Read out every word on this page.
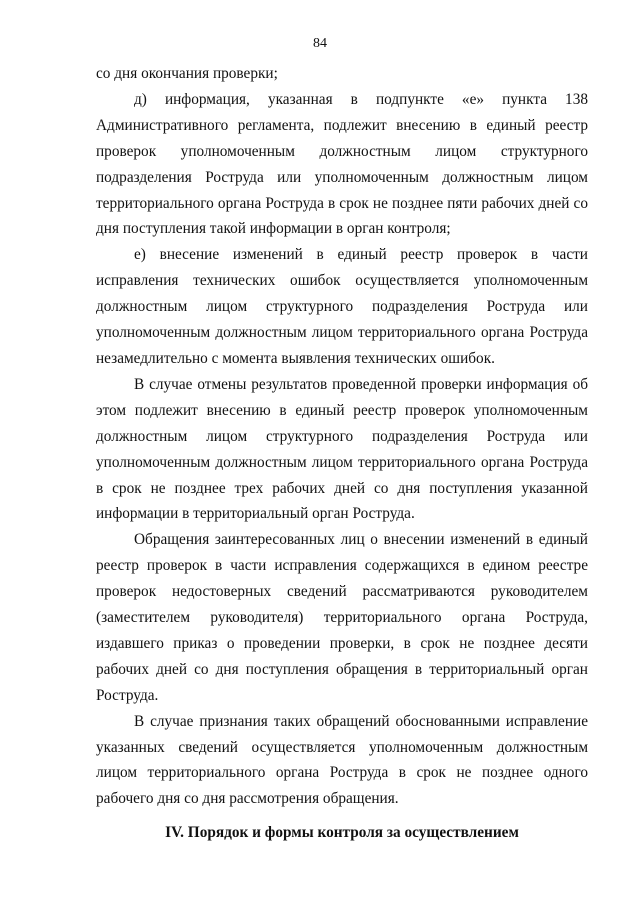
84

со дня окончания проверки;

д) информация, указанная в подпункте «е» пункта 138 Административного регламента, подлежит внесению в единый реестр проверок уполномоченным должностным лицом структурного подразделения Роструда или уполномоченным должностным лицом территориального органа Роструда в срок не позднее пяти рабочих дней со дня поступления такой информации в орган контроля;

е) внесение изменений в единый реестр проверок в части исправления технических ошибок осуществляется уполномоченным должностным лицом структурного подразделения Роструда или уполномоченным должностным лицом территориального органа Роструда незамедлительно с момента выявления технических ошибок.

В случае отмены результатов проведенной проверки информация об этом подлежит внесению в единый реестр проверок уполномоченным должностным лицом структурного подразделения Роструда или уполномоченным должностным лицом территориального органа Роструда в срок не позднее трех рабочих дней со дня поступления указанной информации в территориальный орган Роструда.

Обращения заинтересованных лиц о внесении изменений в единый реестр проверок в части исправления содержащихся в едином реестре проверок недостоверных сведений рассматриваются руководителем (заместителем руководителя) территориального органа Роструда, издавшего приказ о проведении проверки, в срок не позднее десяти рабочих дней со дня поступления обращения в территориальный орган Роструда.

В случае признания таких обращений обоснованными исправление указанных сведений осуществляется уполномоченным должностным лицом территориального органа Роструда в срок не позднее одного рабочего дня со дня рассмотрения обращения.

IV. Порядок и формы контроля за осуществлением
